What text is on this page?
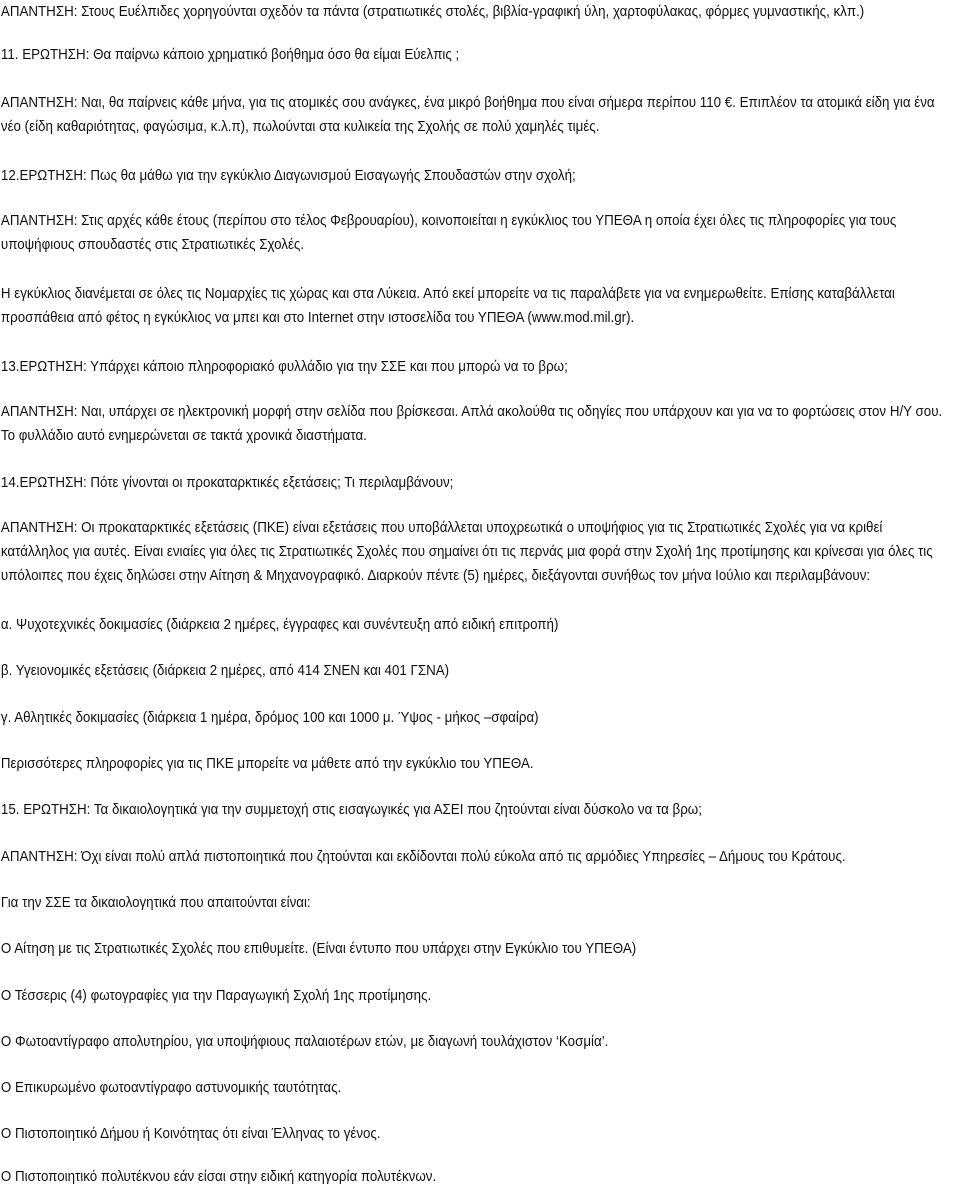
ΑΠΑΝΤΗΣΗ: Στους Ευέλπιδες χορηγούνται σχεδόν τα πάντα (στρατιωτικές στολές, βιβλία-γραφική ύλη, χαρτοφύλακας, φόρμες γυμναστικής, κλπ.)

11. ΕΡΩΤΗΣΗ: Θα παίρνω κάποιο χρηματικό βοήθημα όσο θα είμαι Εύελπις ;

ΑΠΑΝΤΗΣΗ: Ναι, θα παίρνεις κάθε μήνα, για τις ατομικές σου ανάγκες, ένα μικρό βοήθημα που είναι σήμερα περίπου 110 €. Επιπλέον τα ατομικά είδη για ένα νέο (είδη καθαριότητας, φαγώσιμα, κ.λ.π), πωλούνται στα κυλικεία της Σχολής σε πολύ χαμηλές τιμές.

12.ΕΡΩΤΗΣΗ: Πως θα μάθω για την εγκύκλιο Διαγωνισμού Εισαγωγής Σπουδαστών στην σχολή;

ΑΠΑΝΤΗΣΗ: Στις αρχές κάθε έτους (περίπου στο τέλος Φεβρουαρίου), κοινοποιείται η εγκύκλιος του ΥΠΕΘΑ η οποία έχει όλες τις πληροφορίες για τους υποψήφιους σπουδαστές στις Στρατιωτικές Σχολές.

Η εγκύκλιος διανέμεται σε όλες τις Νομαρχίες τις χώρας και στα Λύκεια. Από εκεί μπορείτε να τις παραλάβετε για να ενημερωθείτε. Επίσης καταβάλλεται προσπάθεια από φέτος η εγκύκλιος να μπει και στο Internet στην ιστοσελίδα του ΥΠΕΘΑ (www.mod.mil.gr).

13.ΕΡΩΤΗΣΗ: Υπάρχει κάποιο πληροφοριακό φυλλάδιο για την ΣΣΕ και που μπορώ να το βρω;

ΑΠΑΝΤΗΣΗ: Ναι, υπάρχει σε ηλεκτρονική μορφή στην σελίδα που βρίσκεσαι. Απλά ακολούθα τις οδηγίες που υπάρχουν και για να το φορτώσεις στον Η/Υ σου. Το φυλλάδιο αυτό ενημερώνεται σε τακτά χρονικά διαστήματα.

14.ΕΡΩΤΗΣΗ: Πότε γίνονται οι προκαταρκτικές εξετάσεις; Τι περιλαμβάνουν;

ΑΠΑΝΤΗΣΗ: Οι προκαταρκτικές εξετάσεις (ΠΚΕ) είναι εξετάσεις που υποβάλλεται υποχρεωτικά ο υποψήφιος για τις Στρατιωτικές Σχολές για να κριθεί κατάλληλος για αυτές. Είναι ενιαίες για όλες τις Στρατιωτικές Σχολές που σημαίνει ότι τις περνάς μια φορά στην Σχολή 1ης προτίμησης και κρίνεσαι για όλες τις υπόλοιπες που έχεις δηλώσει στην Αίτηση & Μηχανογραφικό. Διαρκούν πέντε (5) ημέρες, διεξάγονται συνήθως τον μήνα Ιούλιο και περιλαμβάνουν:

α. Ψυχοτεχνικές δοκιμασίες (διάρκεια 2 ημέρες, έγγραφες και συνέντευξη από ειδική επιτροπή)

β. Υγειονομικές εξετάσεις (διάρκεια 2 ημέρες, από 414 ΣΝΕΝ και 401 ΓΣΝΑ)

γ. Αθλητικές δοκιμασίες (διάρκεια 1 ημέρα, δρόμος 100 και 1000 μ. Ύψος - μήκος –σφαίρα)

Περισσότερες πληροφορίες για τις ΠΚΕ μπορείτε να μάθετε από την εγκύκλιο του ΥΠΕΘΑ.

15. ΕΡΩΤΗΣΗ: Τα δικαιολογητικά για την συμμετοχή στις εισαγωγικές για ΑΣΕΙ που ζητούνται είναι δύσκολο να τα βρω;

ΑΠΑΝΤΗΣΗ: Όχι είναι πολύ απλά πιστοποιητικά που ζητούνται και εκδίδονται πολύ εύκολα από τις αρμόδιες Υπηρεσίες – Δήμους του Κράτους.

Για την ΣΣΕ τα δικαιολογητικά που απαιτούνται είναι:

Ο Αίτηση με τις Στρατιωτικές Σχολές που επιθυμείτε. (Είναι έντυπο που υπάρχει στην Εγκύκλιο του ΥΠΕΘΑ)

Ο Τέσσερις (4) φωτογραφίες για την Παραγωγική Σχολή 1ης προτίμησης.

Ο Φωτοαντίγραφο απολυτηρίου, για υποψήφιους παλαιοτέρων ετών, με διαγωνή τουλάχιστον ‘Κοσμία’.

Ο Επικυρωμένο φωτοαντίγραφο αστυνομικής ταυτότητας.

Ο Πιστοποιητικό Δήμου ή Κοινότητας ότι είναι Έλληνας το γένος.

Ο Πιστοποιητικό πολυτέκνου εάν είσαι στην ειδική κατηγορία πολυτέκνων.
